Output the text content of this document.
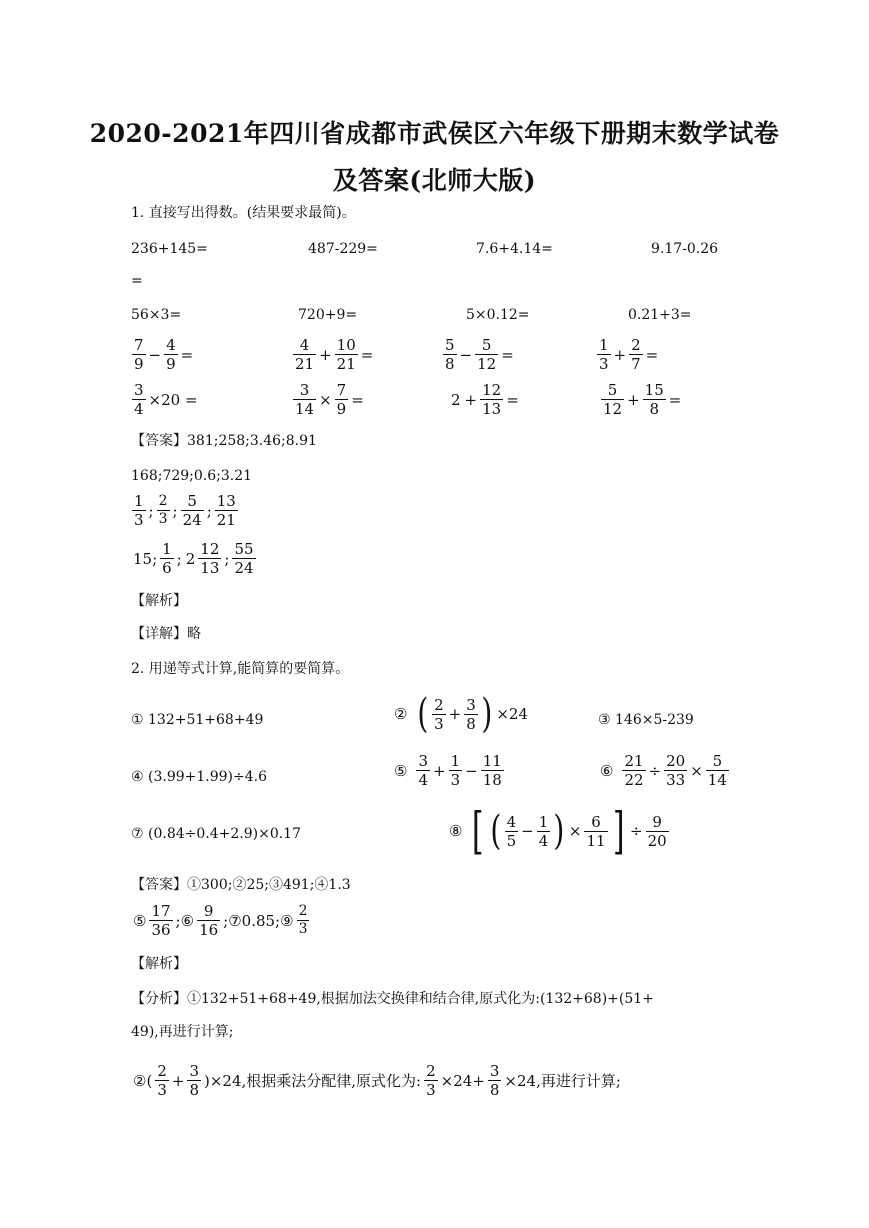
2020-2021年四川省成都市武侯区六年级下册期末数学试卷
及答案(北师大版)
1. 直接写出得数。(结果要求最简)。
236+145=	487-229=	7.6+4.14=	9.17-0.26
=
56×3=	720+9=	5×0.12=	0.21+3=
$\frac{7}{9} - \frac{4}{9}$ =	$\frac{4}{21} + \frac{10}{21}$ =	$\frac{5}{8} - \frac{5}{12}$ =	$\frac{1}{3} + \frac{2}{7}$ =
$\frac{3}{4} \times 20$ =	$\frac{3}{14} \times \frac{7}{9}$ =	$2 + \frac{12}{13}$ =	$\frac{5}{12} + \frac{15}{8}$ =
【答案】381;258;3.46;8.91
168;729;0.6;3.21
$\frac{1}{3}$ ; $\frac{2}{3}$ ; $\frac{5}{24}$ ; $\frac{13}{21}$
15; $\frac{1}{6}$ ; $2 \frac{12}{13}$ ; $\frac{55}{24}$
【解析】
【详解】略
2. 用递等式计算,能简算的要简算。
① 132+51+68+49	② ( $\frac{2}{3} + \frac{3}{8}$ ) ×24	③ 146×5-239
④ (3.99+1.99)÷4.6	⑤ $\frac{3}{4} + \frac{1}{3} - \frac{11}{18}$	⑥ $\frac{21}{22} \div \frac{20}{33} \times \frac{5}{14}$
⑦ (0.84÷0.4+2.9)×0.17	⑧ [ ( $\frac{4}{5} - \frac{1}{4}$ ) × $\frac{6}{11}$ ] ÷ $\frac{9}{20}$
【答案】①300;②25;③491;④1.3
⑤ $\frac{17}{36}$ ;⑥ $\frac{9}{16}$ ;⑦0.85;⑨ $\frac{2}{3}$
【解析】
【分析】①132+51+68+49,根据加法交换律和结合律,原式化为:(132+68)+(51+
49),再进行计算;
②( $\frac{2}{3} + \frac{3}{8} )\times 24$,根据乘法分配律,原式化为: $\frac{2}{3} \times 24+ \frac{3}{8} \times 24$,再进行计算;
